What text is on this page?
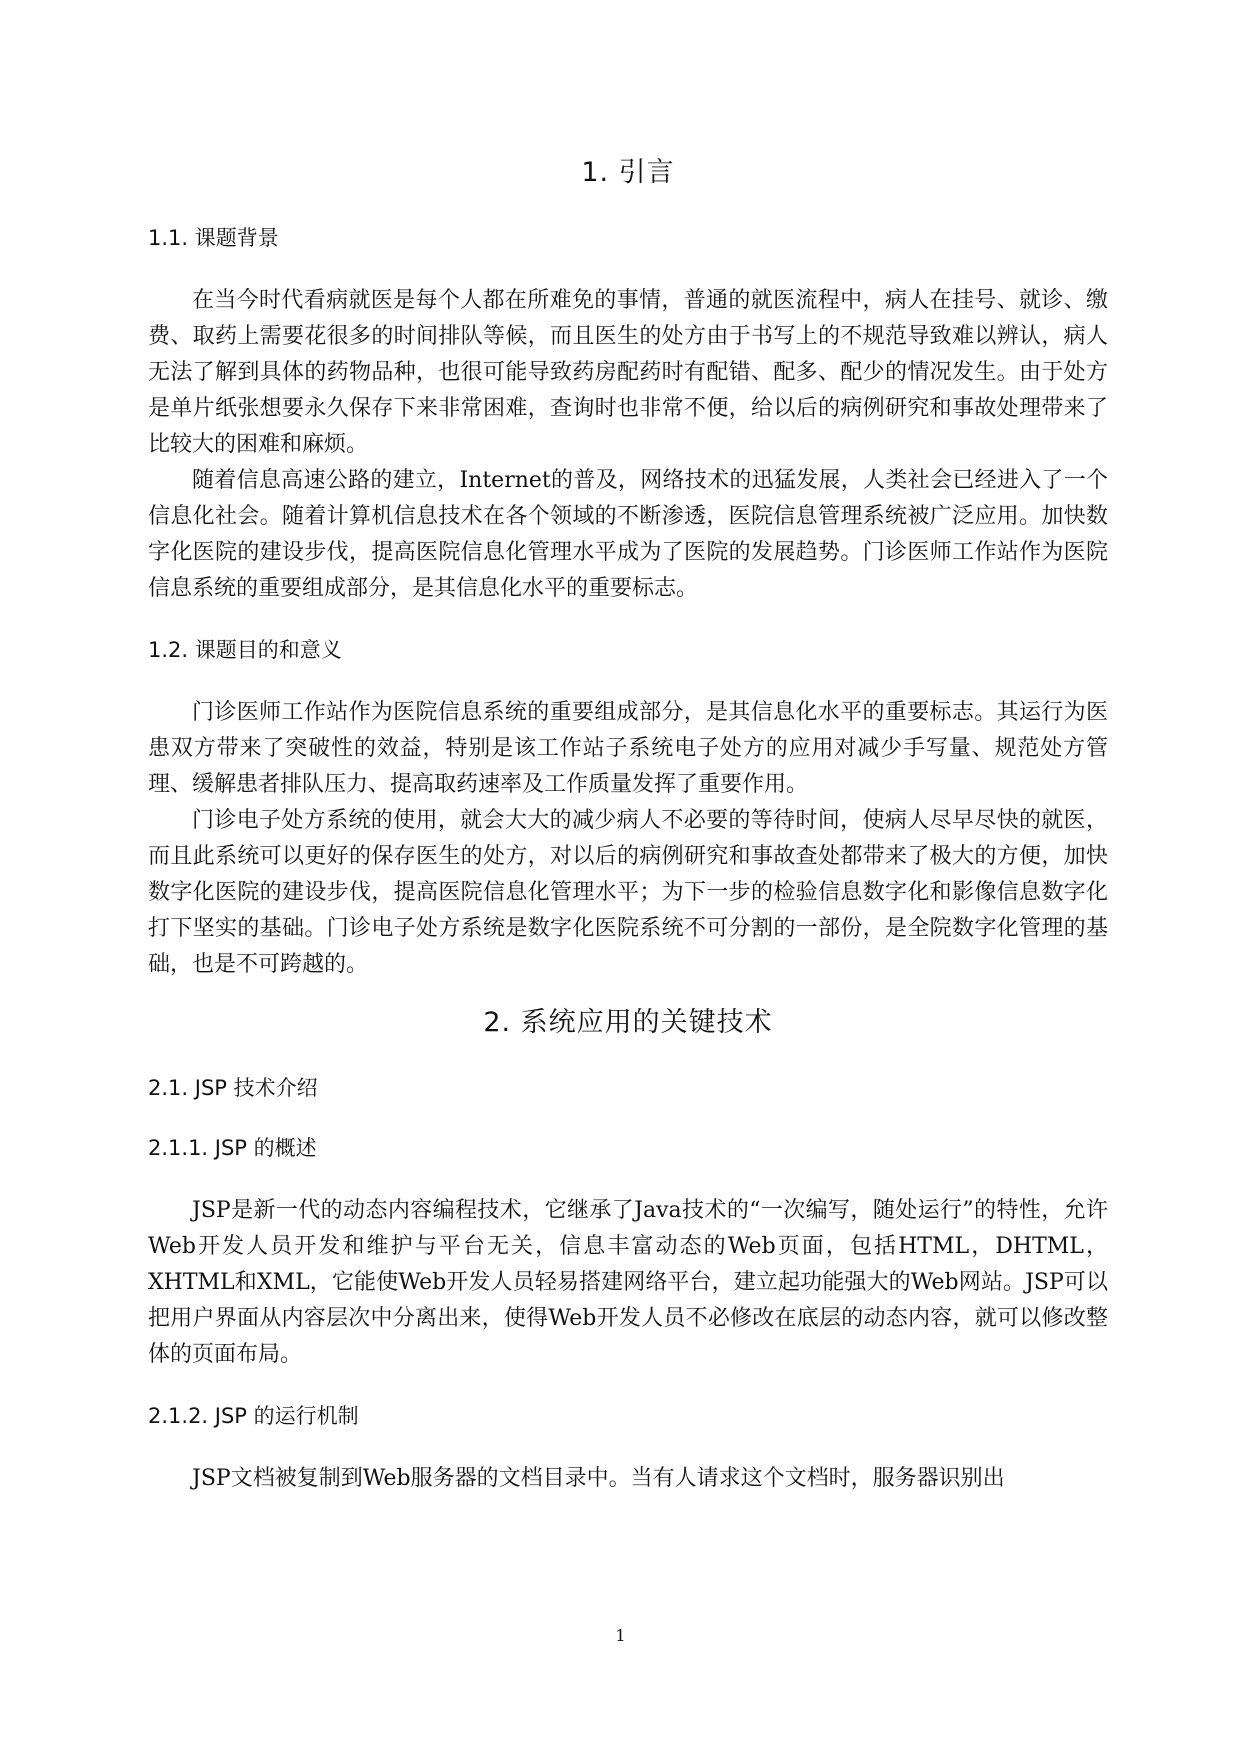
1. 引言
1.1. 课题背景

在当今时代看病就医是每个人都在所难免的事情，普通的就医流程中，病人在挂号、就诊、缴费、取药上需要花很多的时间排队等候，而且医生的处方由于书写上的不规范导致难以辨认，病人无法了解到具体的药物品种，也很可能导致药房配药时有配错、配多、配少的情况发生。由于处方是单片纸张想要永久保存下来非常困难，查询时也非常不便，给以后的病例研究和事故处理带来了比较大的困难和麻烦。

随着信息高速公路的建立，Internet的普及，网络技术的迅猛发展，人类社会已经进入了一个信息化社会。随着计算机信息技术在各个领域的不断渗透，医院信息管理系统被广泛应用。加快数字化医院的建设步伐，提高医院信息化管理水平成为了医院的发展趋势。门诊医师工作站作为医院信息系统的重要组成部分，是其信息化水平的重要标志。

1.2. 课题目的和意义

门诊医师工作站作为医院信息系统的重要组成部分，是其信息化水平的重要标志。其运行为医患双方带来了突破性的效益，特别是该工作站子系统电子处方的应用对减少手写量、规范处方管理、缓解患者排队压力、提高取药速率及工作质量发挥了重要作用。

门诊电子处方系统的使用，就会大大的减少病人不必要的等待时间，使病人尽早尽快的就医，而且此系统可以更好的保存医生的处方，对以后的病例研究和事故查处都带来了极大的方便，加快数字化医院的建设步伐，提高医院信息化管理水平；为下一步的检验信息数字化和影像信息数字化打下坚实的基础。门诊电子处方系统是数字化医院系统不可分割的一部份，是全院数字化管理的基础，也是不可跨越的。

2. 系统应用的关键技术
2.1. JSP 技术介绍
2.1.1. JSP 的概述

JSP是新一代的动态内容编程技术，它继承了Java技术的“一次编写，随处运行”的特性，允许Web开发人员开发和维护与平台无关，信息丰富动态的Web页面，包括HTML，DHTML，XHTML和XML，它能使Web开发人员轻易搭建网络平台，建立起功能强大的Web网站。JSP可以把用户界面从内容层次中分离出来，使得Web开发人员不必修改在底层的动态内容，就可以修改整体的页面布局。

2.1.2. JSP 的运行机制

JSP文档被复制到Web服务器的文档目录中。当有人请求这个文档时，服务器识别出

1
